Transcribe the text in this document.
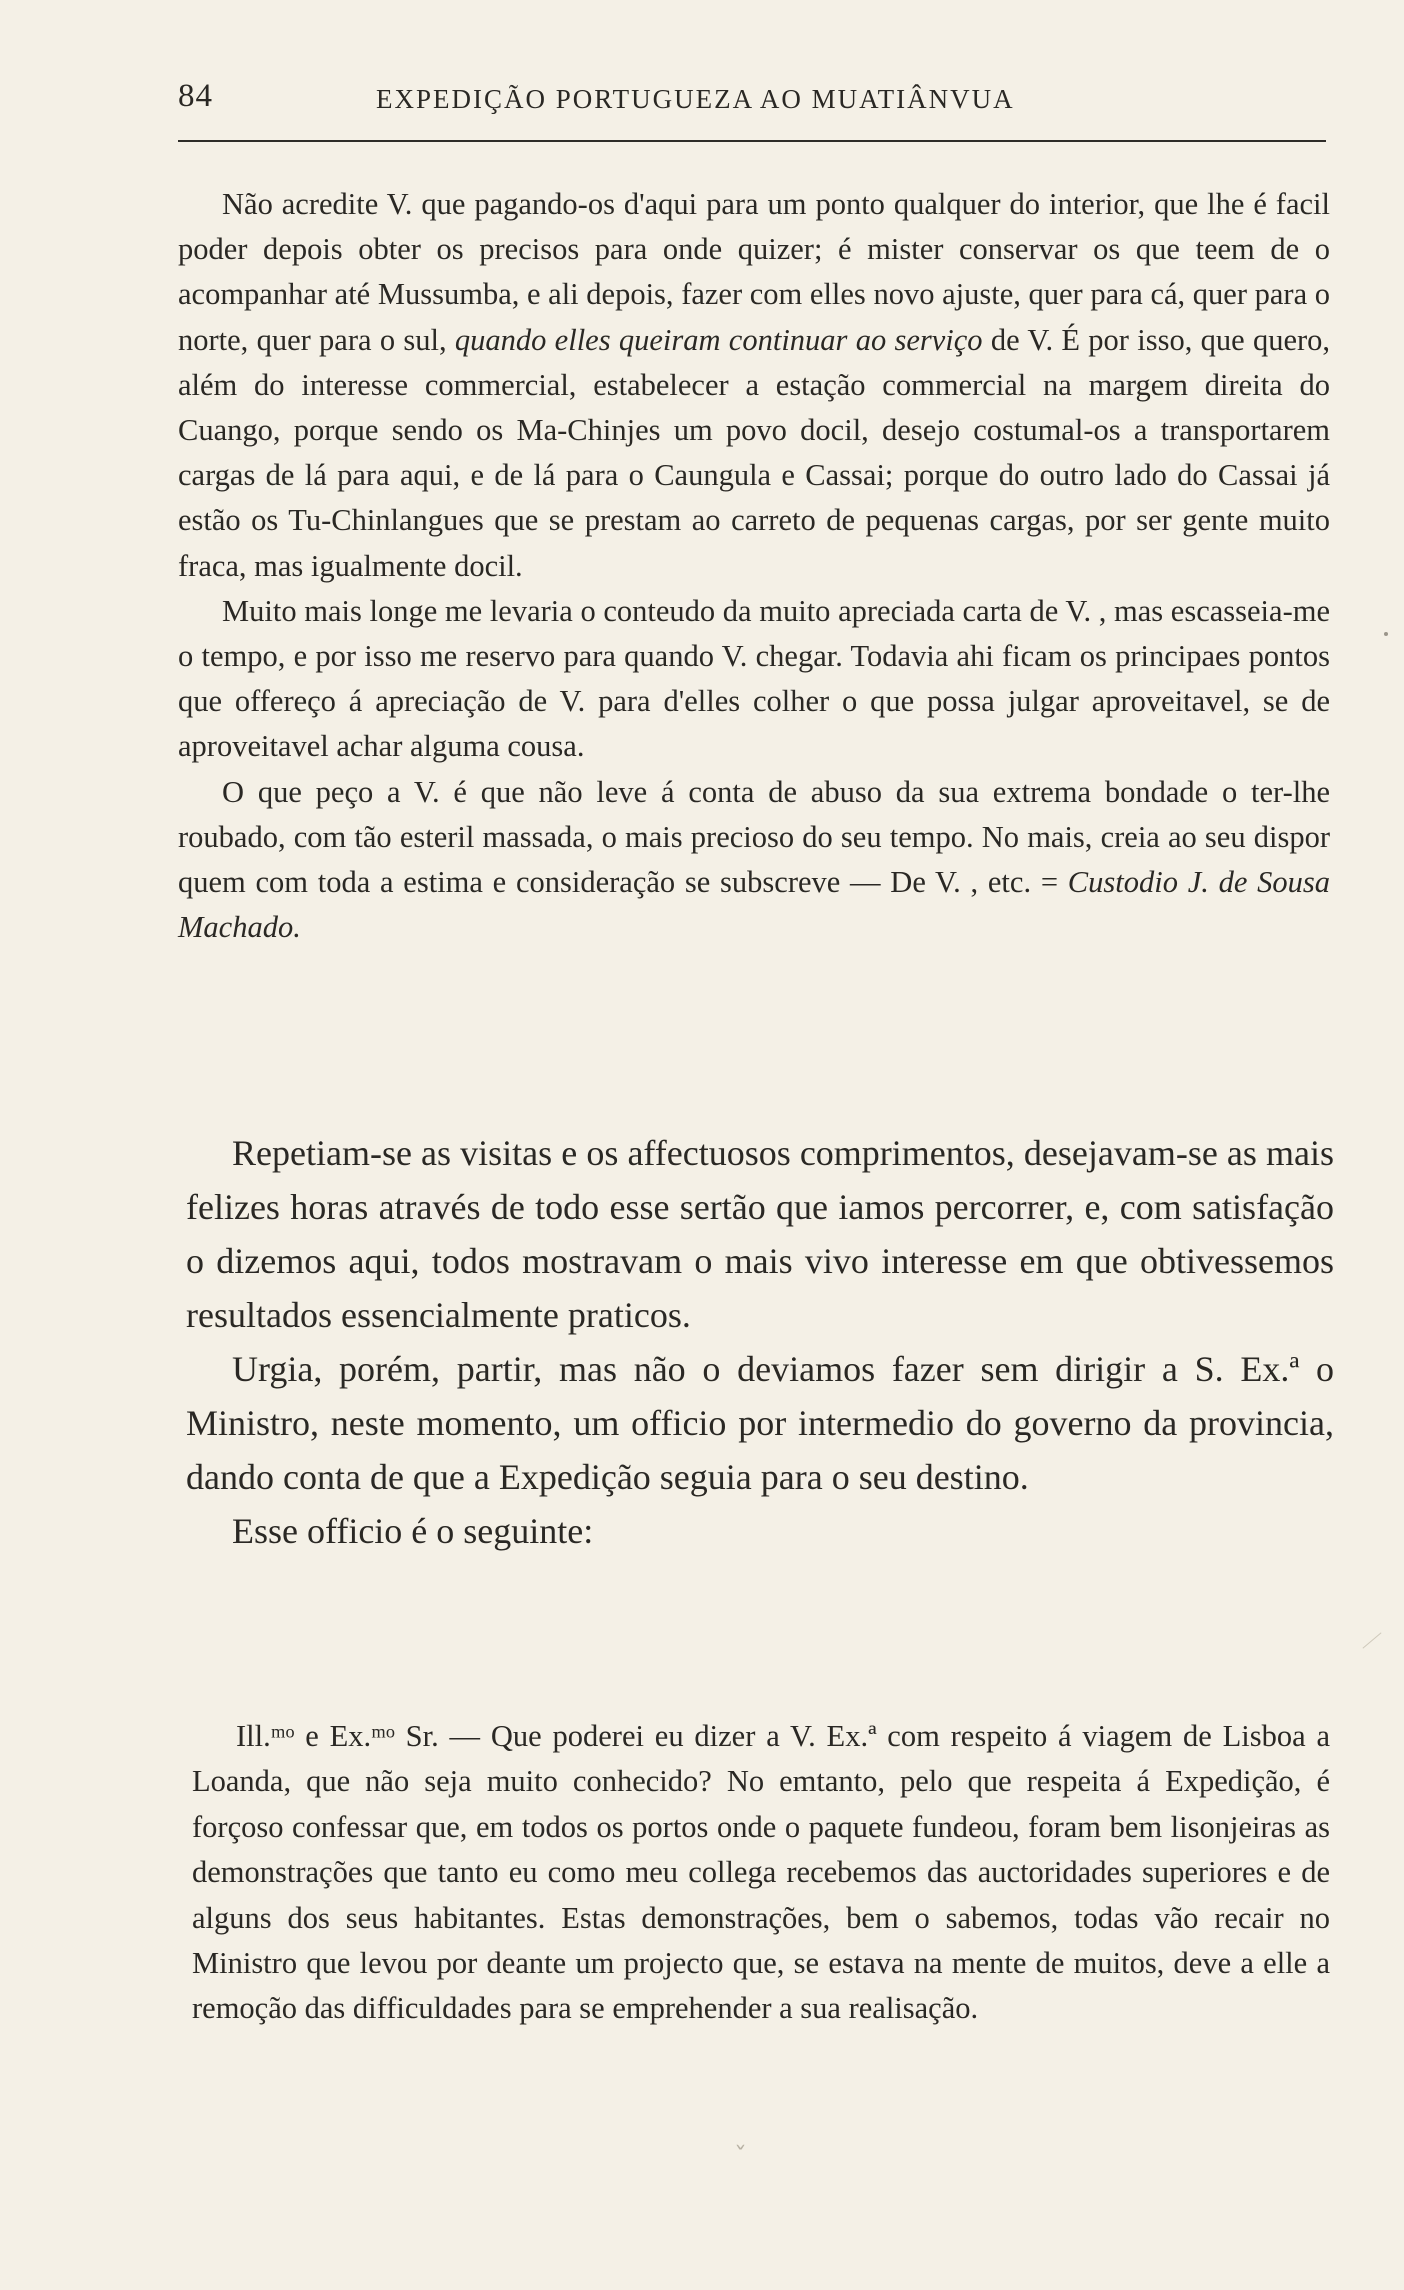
84	EXPEDIÇÃO PORTUGUEZA AO MUATIÂNVUA

Não acredite V. que pagando-os d'aqui para um ponto qualquer do interior, que lhe é facil poder depois obter os precisos para onde quizer; é mister conservar os que teem de o acompanhar até Mussumba, e ali depois, fazer com elles novo ajuste, quer para cá, quer para o norte, quer para o sul, quando elles queiram continuar ao serviço de V. É por isso, que quero, além do interesse commercial, estabelecer a estação commercial na margem direita do Cuango, porque sendo os Ma-Chinjes um povo docil, desejo costumal-os a transportarem cargas de lá para aqui, e de lá para o Caungula e Cassai; porque do outro lado do Cassai já estão os Tu-Chinlangues que se prestam ao carreto de pequenas cargas, por ser gente muito fraca, mas igualmente docil.

Muito mais longe me levaria o conteudo da muito apreciada carta de V. , mas escasseia-me o tempo, e por isso me reservo para quando V. chegar. Todavia ahi ficam os principaes pontos que offereço á apreciação de V. para d'elles colher o que possa julgar aproveitavel, se de aproveitavel achar alguma cousa.

O que peço a V. é que não leve á conta de abuso da sua extrema bondade o ter-lhe roubado, com tão esteril massada, o mais precioso do seu tempo. No mais, creia ao seu dispor quem com toda a estima e consideração se subscreve — De V. , etc. = Custodio J. de Sousa Machado.

Repetiam-se as visitas e os affectuosos comprimentos, desejavam-se as mais felizes horas através de todo esse sertão que iamos percorrer, e, com satisfação o dizemos aqui, todos mostravam o mais vivo interesse em que obtivessemos resultados essencialmente praticos.

Urgia, porém, partir, mas não o deviamos fazer sem dirigir a S. Ex.ª o Ministro, neste momento, um officio por intermedio do governo da provincia, dando conta de que a Expedição seguia para o seu destino.

Esse officio é o seguinte:

Ill.ᵐᵒ e Ex.ᵐᵒ Sr. — Que poderei eu dizer a V. Ex.ª com respeito á viagem de Lisboa a Loanda, que não seja muito conhecido? No emtanto, pelo que respeita á Expedição, é forçoso confessar que, em todos os portos onde o paquete fundeou, foram bem lisonjeiras as demonstrações que tanto eu como meu collega recebemos das auctoridades superiores e de alguns dos seus habitantes. Estas demonstrações, bem o sabemos, todas vão recair no Ministro que levou por deante um projecto que, se estava na mente de muitos, deve a elle a remoção das difficuldades para se emprehender a sua realisação.

˯
